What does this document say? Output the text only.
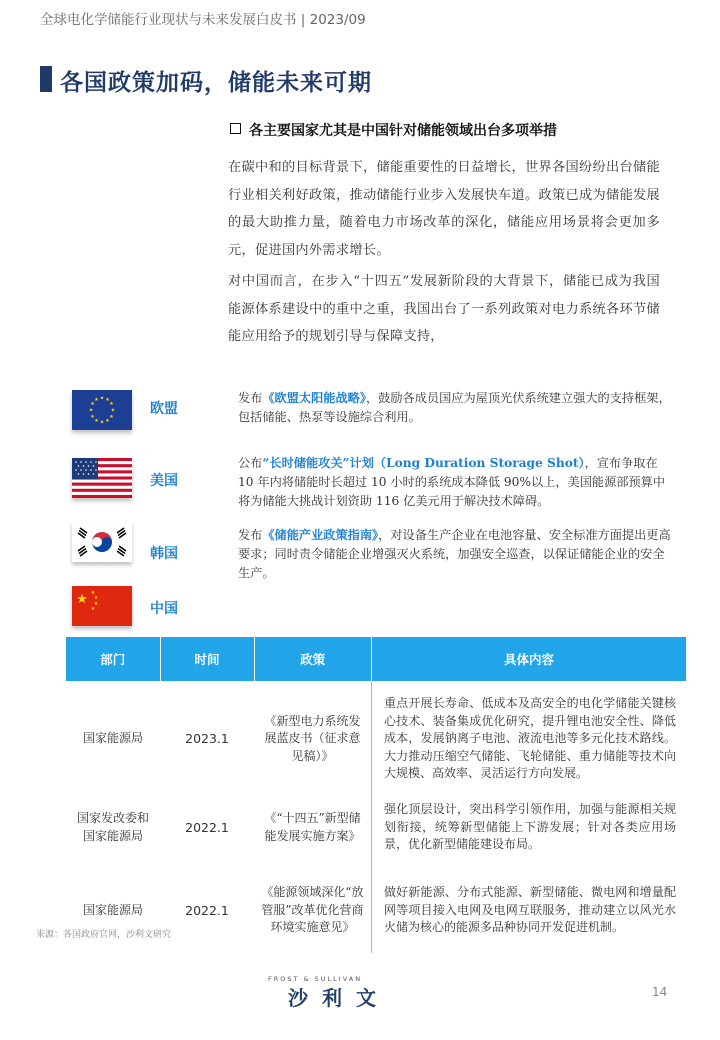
全球电化学储能行业现状与未来发展白皮书 | 2023/09
各国政策加码，储能未来可期
各主要国家尤其是中国针对储能领域出台多项举措
在碳中和的目标背景下，储能重要性的日益增长，世界各国纷纷出台储能行业相关利好政策，推动储能行业步入发展快车道。政策已成为储能发展的最大助推力量，随着电力市场改革的深化，储能应用场景将会更加多元，促进国内外需求增长。
对中国而言，在步入“十四五”发展新阶段的大背景下，储能已成为我国能源体系建设中的重中之重，我国出台了一系列政策对电力系统各环节储能应用给予的规划引导与保障支持，
★ ★
★
★
★
★
★
★
★
★
★
★
欧盟
发布《欧盟太阳能战略》，鼓励各成员国应为屋顶光伏系统建立强大的支持框架，包括储能、热泵等设施综合利用。
美国
公布“长时储能攻关”计划（Long Duration Storage Shot），宣布争取在 10 年内将储能时长超过 10 小时的系统成本降低 90%以上，美国能源部预算中将为储能大挑战计划资助 116 亿美元用于解决技术障碍。
韩国
发布《储能产业政策指南》，对设备生产企业在电池容量、安全标准方面提出更高要求；同时责令储能企业增强灭火系统，加强安全巡查，以保证储能企业的安全生产。
★ ★
★
★
★	中国
部门	时间	政策	具体内容
国家能源局	2023.1	《新型电力系统发展蓝皮书（征求意见稿）》	重点开展长寿命、低成本及高安全的电化学储能关键核心技术、装备集成优化研究，提升锂电池安全性、降低成本，发展钠离子电池、液流电池等多元化技术路线。大力推动压缩空气储能、飞轮储能、重力储能等技术向大规模、高效率、灵活运行方向发展。
国家发改委和国家能源局	2022.1	《“十四五”新型储能发展实施方案》	强化顶层设计，突出科学引领作用，加强与能源相关规划衔接，统筹新型储能上下游发展；针对各类应用场景，优化新型储能建设布局。
国家能源局	2022.1	《能源领域深化“放管服”改革优化营商环境实施意见》	做好新能源、分布式能源、新型储能、微电网和增量配网等项目接入电网及电网互联服务，推动建立以风光水火储为核心的能源多品种协同开发促进机制。
来源：各国政府官网，沙利文研究
FROST & SULLIVAN
沙利文	14
